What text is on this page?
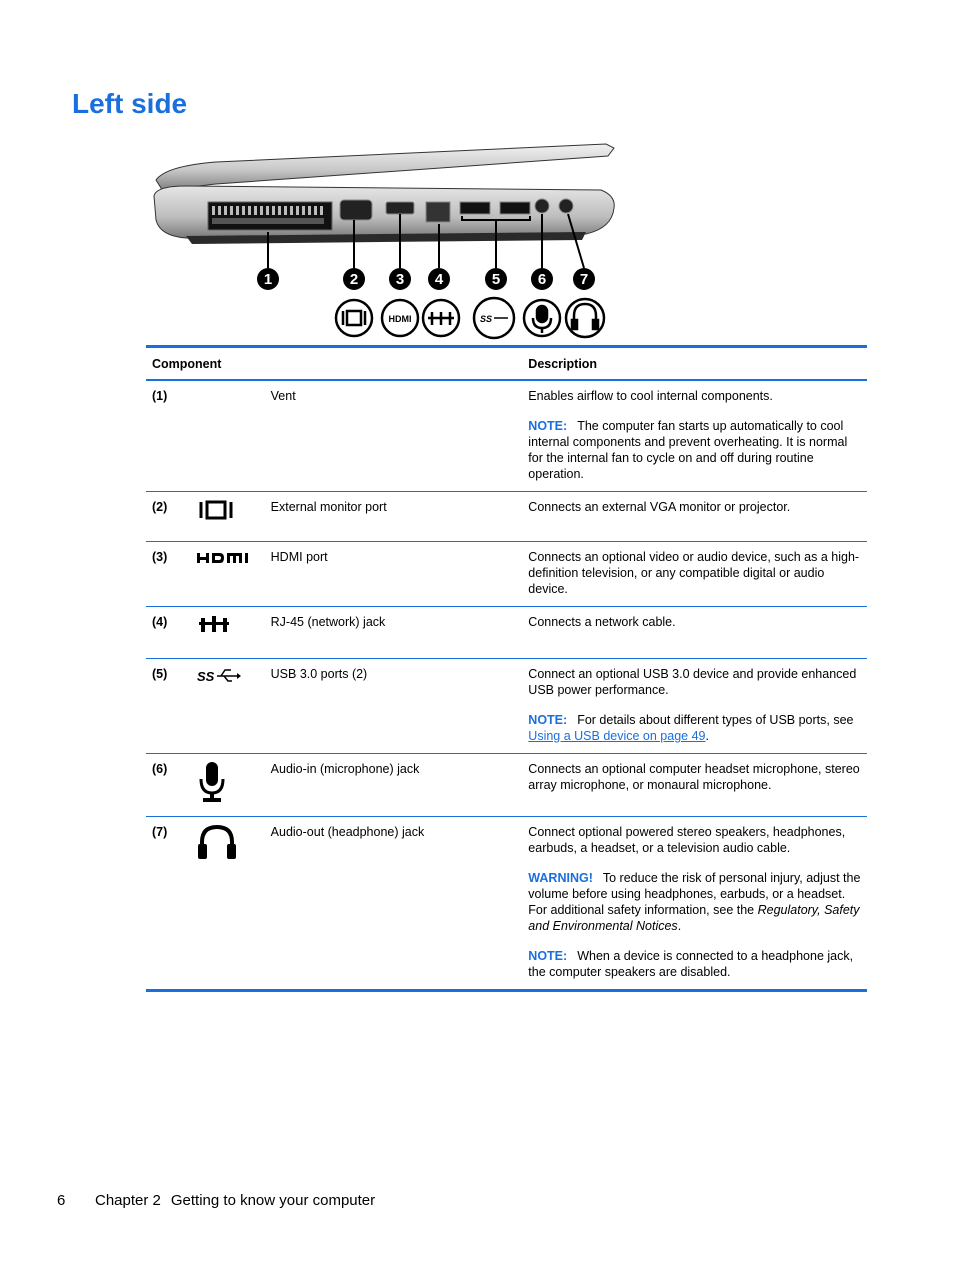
Left side
1	2	3 4	5	6 7
HDMI	SS
Component			Description
(1)		Vent	Enables airflow to cool internal components.

NOTE: The computer fan starts up automatically to cool internal components and prevent overheating. It is normal for the internal fan to cycle on and off during routine operation.

(2)		External monitor port	Connects an external VGA monitor or projector.

(3)		HDMI port	Connects an optional video or audio device, such as a high-definition television, or any compatible digital or audio device.

(4)		RJ-45 (network) jack	Connects a network cable.

(5)	SS	USB 3.0 ports (2)	Connect an optional USB 3.0 device and provide enhanced USB power performance.

NOTE: For details about different types of USB ports, see Using a USB device on page 49.

(6)		Audio-in (microphone) jack	Connects an optional computer headset microphone, stereo array microphone, or monaural microphone.

(7)		Audio-out (headphone) jack	Connect optional powered stereo speakers, headphones, earbuds, a headset, or a television audio cable.

WARNING! To reduce the risk of personal injury, adjust the volume before using headphones, earbuds, or a headset. For additional safety information, see the Regulatory, Safety and Environmental Notices.

NOTE: When a device is connected to a headphone jack, the computer speakers are disabled.

6 Chapter 2 Getting to know your computer
